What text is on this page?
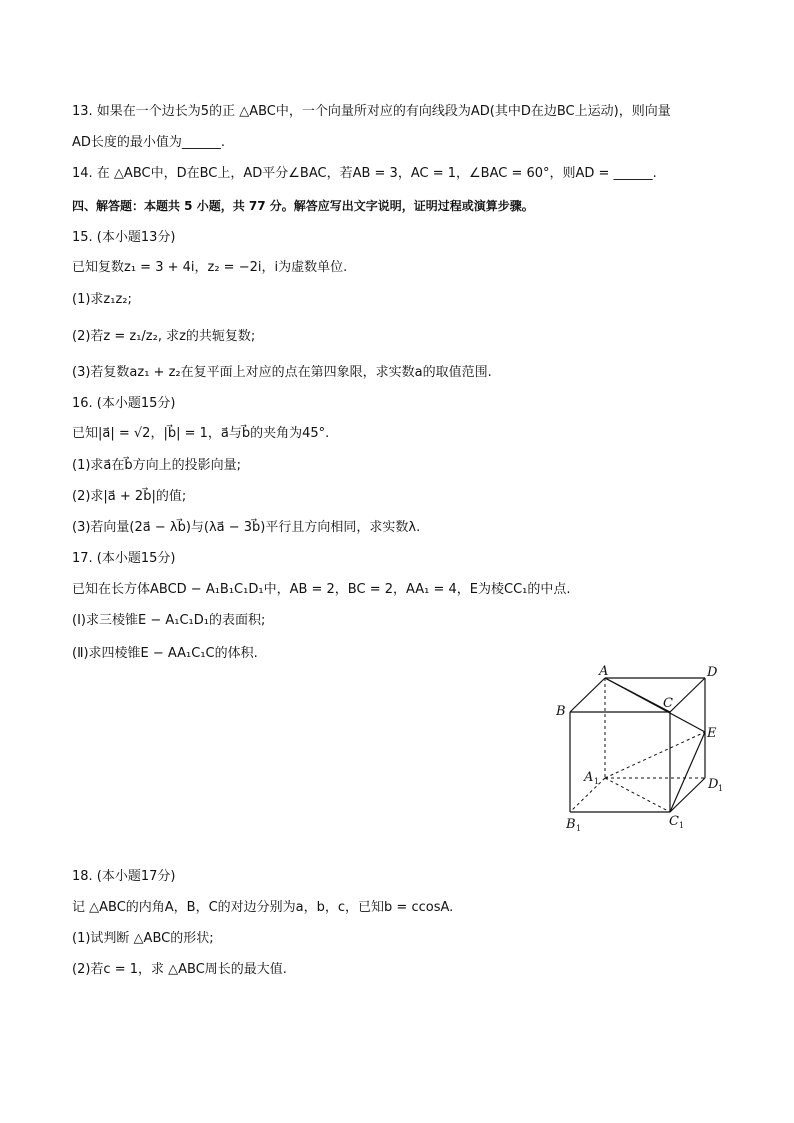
13. 如果在一个边长为5的正 △ABC中，一个向量所对应的有向线段为AD(其中D在边BC上运动)，则向量
AD长度的最小值为______.
14. 在 △ABC中，D在BC上，AD平分∠BAC，若AB = 3，AC = 1，∠BAC = 60°，则AD = ______.
四、解答题：本题共 5 小题，共 77 分。解答应写出文字说明，证明过程或演算步骤。
15. (本小题13分)
已知复数z₁ = 3 + 4i，z₂ = −2i，i为虚数单位.
(1)求z₁z₂;
(2)若z = z₁/z₂, 求z的共轭复数;
(3)若复数az₁ + z₂在复平面上对应的点在第四象限，求实数a的取值范围.
16. (本小题15分)
已知|a⃗| = √2，|b⃗| = 1，a⃗与b⃗的夹角为45°.
(1)求a⃗在b⃗方向上的投影向量;
(2)求|a⃗ + 2b⃗|的值;
(3)若向量(2a⃗ − λb⃗)与(λa⃗ − 3b⃗)平行且方向相同，求实数λ.
17. (本小题15分)
已知在长方体ABCD − A₁B₁C₁D₁中，AB = 2，BC = 2，AA₁ = 4，E为棱CC₁的中点.
(Ⅰ)求三棱锥E − A₁C₁D₁的表面积;
(Ⅱ)求四棱锥E − AA₁C₁C的体积.
A	D
B
C
E
A 1	D 1
B 1	C 1
18. (本小题17分)
记 △ABC的内角A，B，C的对边分别为a，b，c，已知b = ccosA.
(1)试判断 △ABC的形状;
(2)若c = 1，求 △ABC周长的最大值.
